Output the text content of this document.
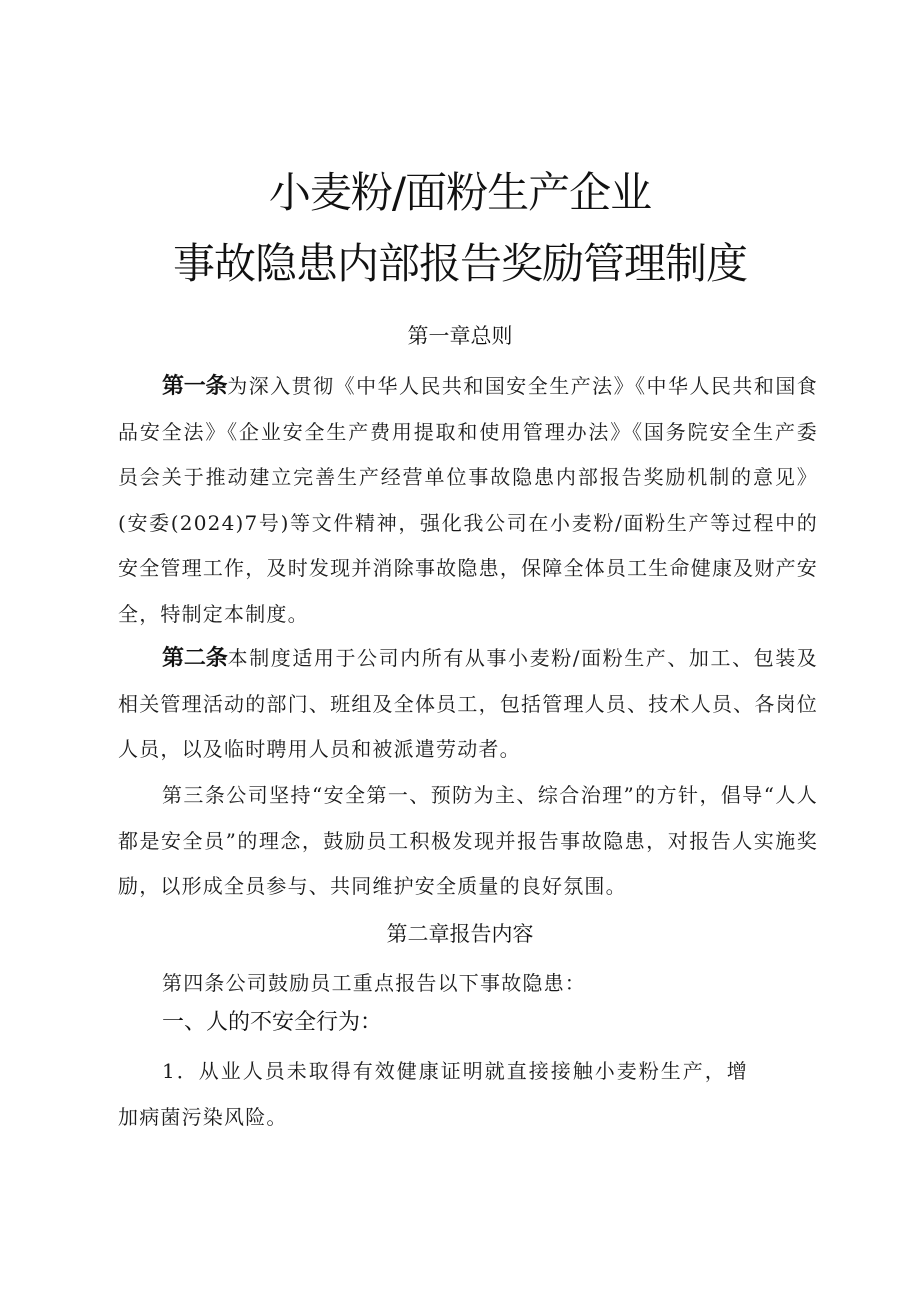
小麦粉/面粉生产企业
事故隐患内部报告奖励管理制度
第一章总则

第一条为深入贯彻《中华人民共和国安全生产法》《中华人民共和国食品安全法》《企业安全生产费用提取和使用管理办法》《国务院安全生产委员会关于推动建立完善生产经营单位事故隐患内部报告奖励机制的意见》(安委(2024)7号)等文件精神，强化我公司在小麦粉/面粉生产等过程中的安全管理工作，及时发现并消除事故隐患，保障全体员工生命健康及财产安全，特制定本制度。

第二条本制度适用于公司内所有从事小麦粉/面粉生产、加工、包装及相关管理活动的部门、班组及全体员工，包括管理人员、技术人员、各岗位人员，以及临时聘用人员和被派遣劳动者。

第三条公司坚持“安全第一、预防为主、综合治理”的方针，倡导“人人都是安全员”的理念，鼓励员工积极发现并报告事故隐患，对报告人实施奖励，以形成全员参与、共同维护安全质量的良好氛围。

第二章报告内容

第四条公司鼓励员工重点报告以下事故隐患：

一、人的不安全行为：

1．从业人员未取得有效健康证明就直接接触小麦粉生产，增加病菌污染风险。
